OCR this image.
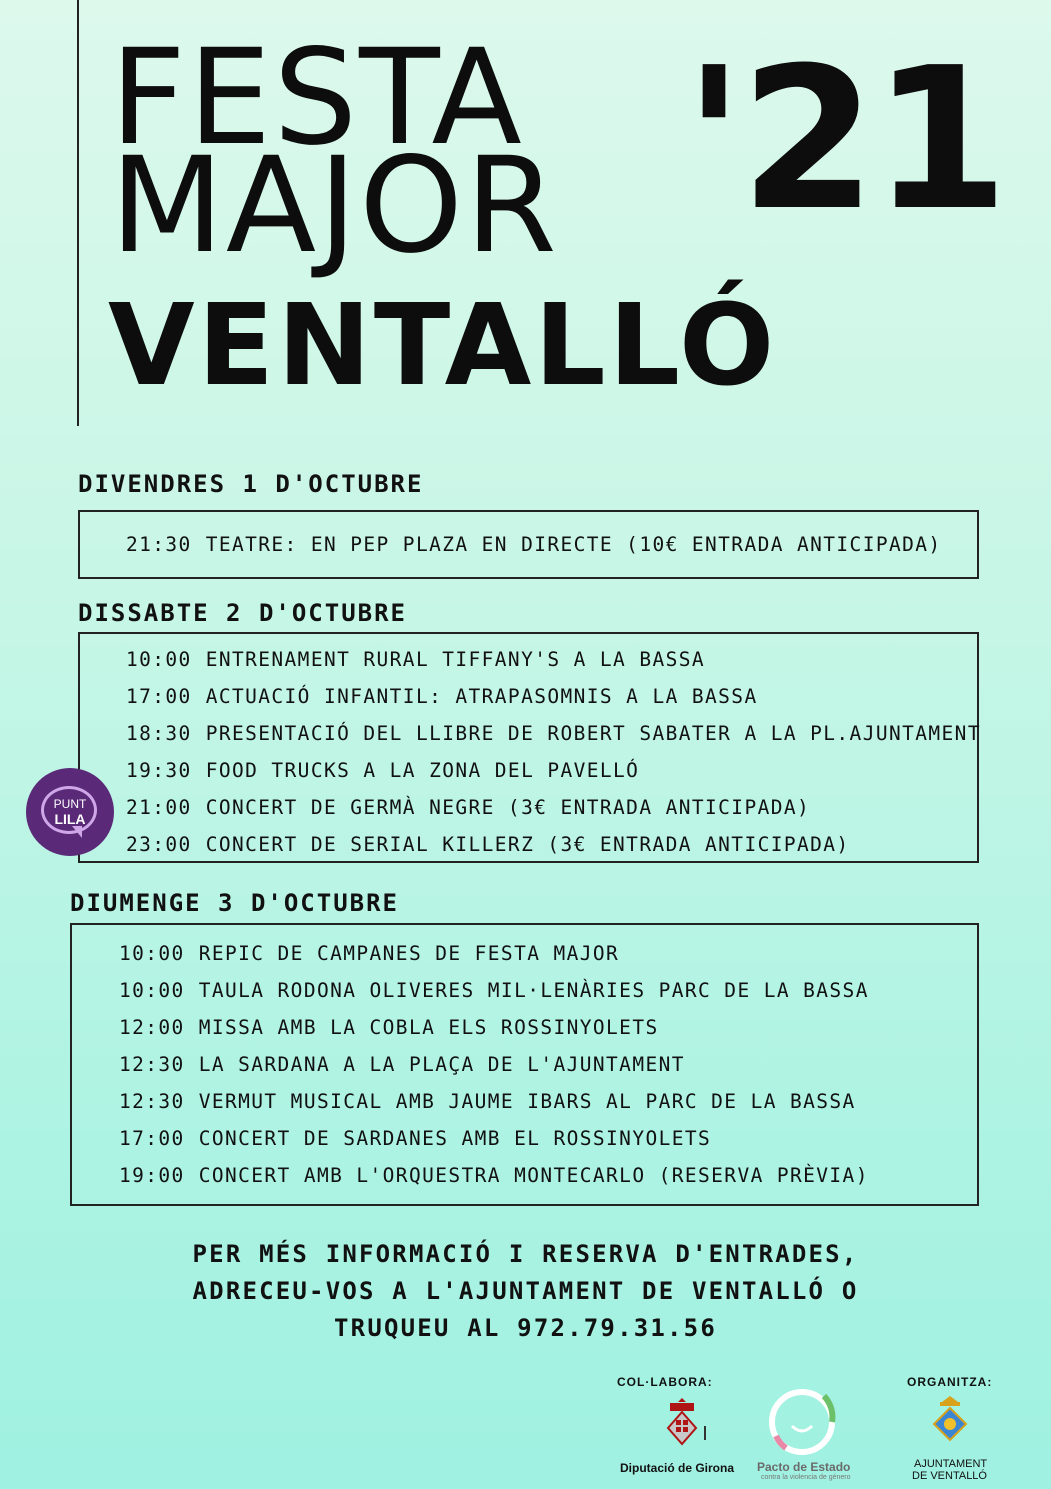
FESTA
MAJOR '21
VENTALLÓ
DIVENDRES 1 D'OCTUBRE
21:30 TEATRE: EN PEP PLAZA EN DIRECTE (10€ ENTRADA ANTICIPADA)
DISSABTE 2 D'OCTUBRE
10:00 ENTRENAMENT RURAL TIFFANY'S A LA BASSA
17:00 ACTUACIÓ INFANTIL: ATRAPASOMNIS A LA BASSA
18:30 PRESENTACIÓ DEL LLIBRE DE ROBERT SABATER A LA PL.AJUNTAMENT
19:30 FOOD TRUCKS A LA ZONA DEL PAVELLÓ
21:00 CONCERT DE GERMÀ NEGRE (3€ ENTRADA ANTICIPADA)
23:00 CONCERT DE SERIAL KILLERZ (3€ ENTRADA ANTICIPADA)
PUNT
LILA
DIUMENGE 3 D'OCTUBRE
10:00 REPIC DE CAMPANES DE FESTA MAJOR
10:00 TAULA RODONA OLIVERES MIL·LENÀRIES PARC DE LA BASSA
12:00 MISSA AMB LA COBLA ELS ROSSINYOLETS
12:30 LA SARDANA A LA PLAÇA DE L'AJUNTAMENT
12:30 VERMUT MUSICAL AMB JAUME IBARS AL PARC DE LA BASSA
17:00 CONCERT DE SARDANES AMB EL ROSSINYOLETS
19:00 CONCERT AMB L'ORQUESTRA MONTECARLO (RESERVA PRÈVIA)
PER MÉS INFORMACIÓ I RESERVA D'ENTRADES,
ADRECEU-VOS A L'AJUNTAMENT DE VENTALLÓ O
TRUQUEU AL 972.79.31.56
COL·LABORA:	ORGANITZA:
Diputació de Girona Pacto de Estado
contra la violencia de género
AJUNTAMENT
DE VENTALLÓ
